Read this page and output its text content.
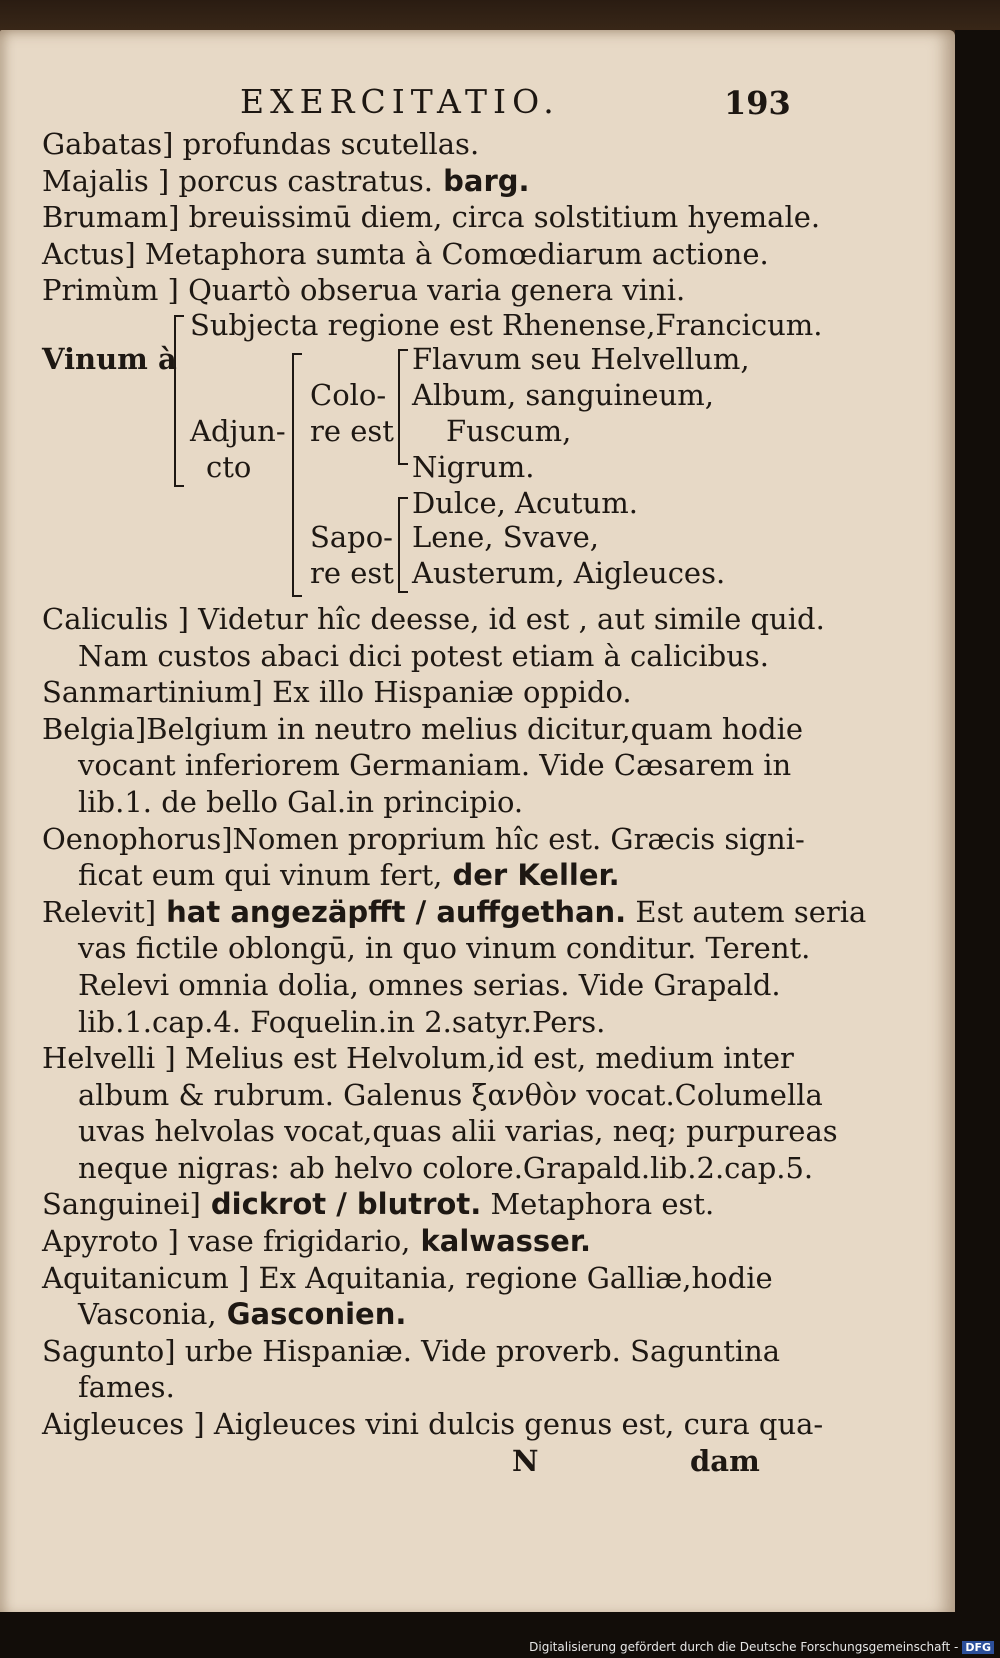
EXERCITATIO.	193
Gabatas] profundas scutellas.
Majalis ] porcus castratus. barg.
Brumam] breuissimū diem, circa solstitium hyemale.
Actus] Metaphora sumta à Comœdiarum actione.
Primùm ] Quartò obserua varia genera vini.
Vinum à
Subjecta regione est Rhenense,Francicum.
Adjun-
cto
Colo-
re est
Sapo-
re est
Flavum seu Helvellum,
Album, sanguineum,
Fuscum,
Nigrum.
Dulce, Acutum.
Lene, Svave,
Austerum, Aigleuces.
Caliculis ] Videtur hîc deesse, id est , aut simile quid.
Nam custos abaci dici potest etiam à calicibus.
Sanmartinium] Ex illo Hispaniæ oppido.
Belgia]Belgium in neutro melius dicitur,quam hodie
vocant inferiorem Germaniam. Vide Cæsarem in
lib.1. de bello Gal.in principio.
Oenophorus]Nomen proprium hîc est. Græcis signi-
ficat eum qui vinum fert, der Keller.
Relevit] hat angezäpfft / auffgethan. Est autem seria
vas fictile oblongū, in quo vinum conditur. Terent.
Relevi omnia dolia, omnes serias. Vide Grapald.
lib.1.cap.4. Foquelin.in 2.satyr.Pers.
Helvelli ] Melius est Helvolum,id est, medium inter
album & rubrum. Galenus ξανθὸν vocat.Columella
uvas helvolas vocat,quas alii varias, neq; purpureas
neque nigras: ab helvo colore.Grapald.lib.2.cap.5.
Sanguinei] dickrot / blutrot. Metaphora est.
Apyroto ] vase frigidario, kalwasser.
Aquitanicum ] Ex Aquitania, regione Galliæ,hodie
Vasconia, Gasconien.
Sagunto] urbe Hispaniæ. Vide proverb. Saguntina
fames.
Aigleuces ] Aigleuces vini dulcis genus est, cura qua-
N	dam
Digitalisierung gefördert durch die Deutsche Forschungsgemeinschaft - DFG
